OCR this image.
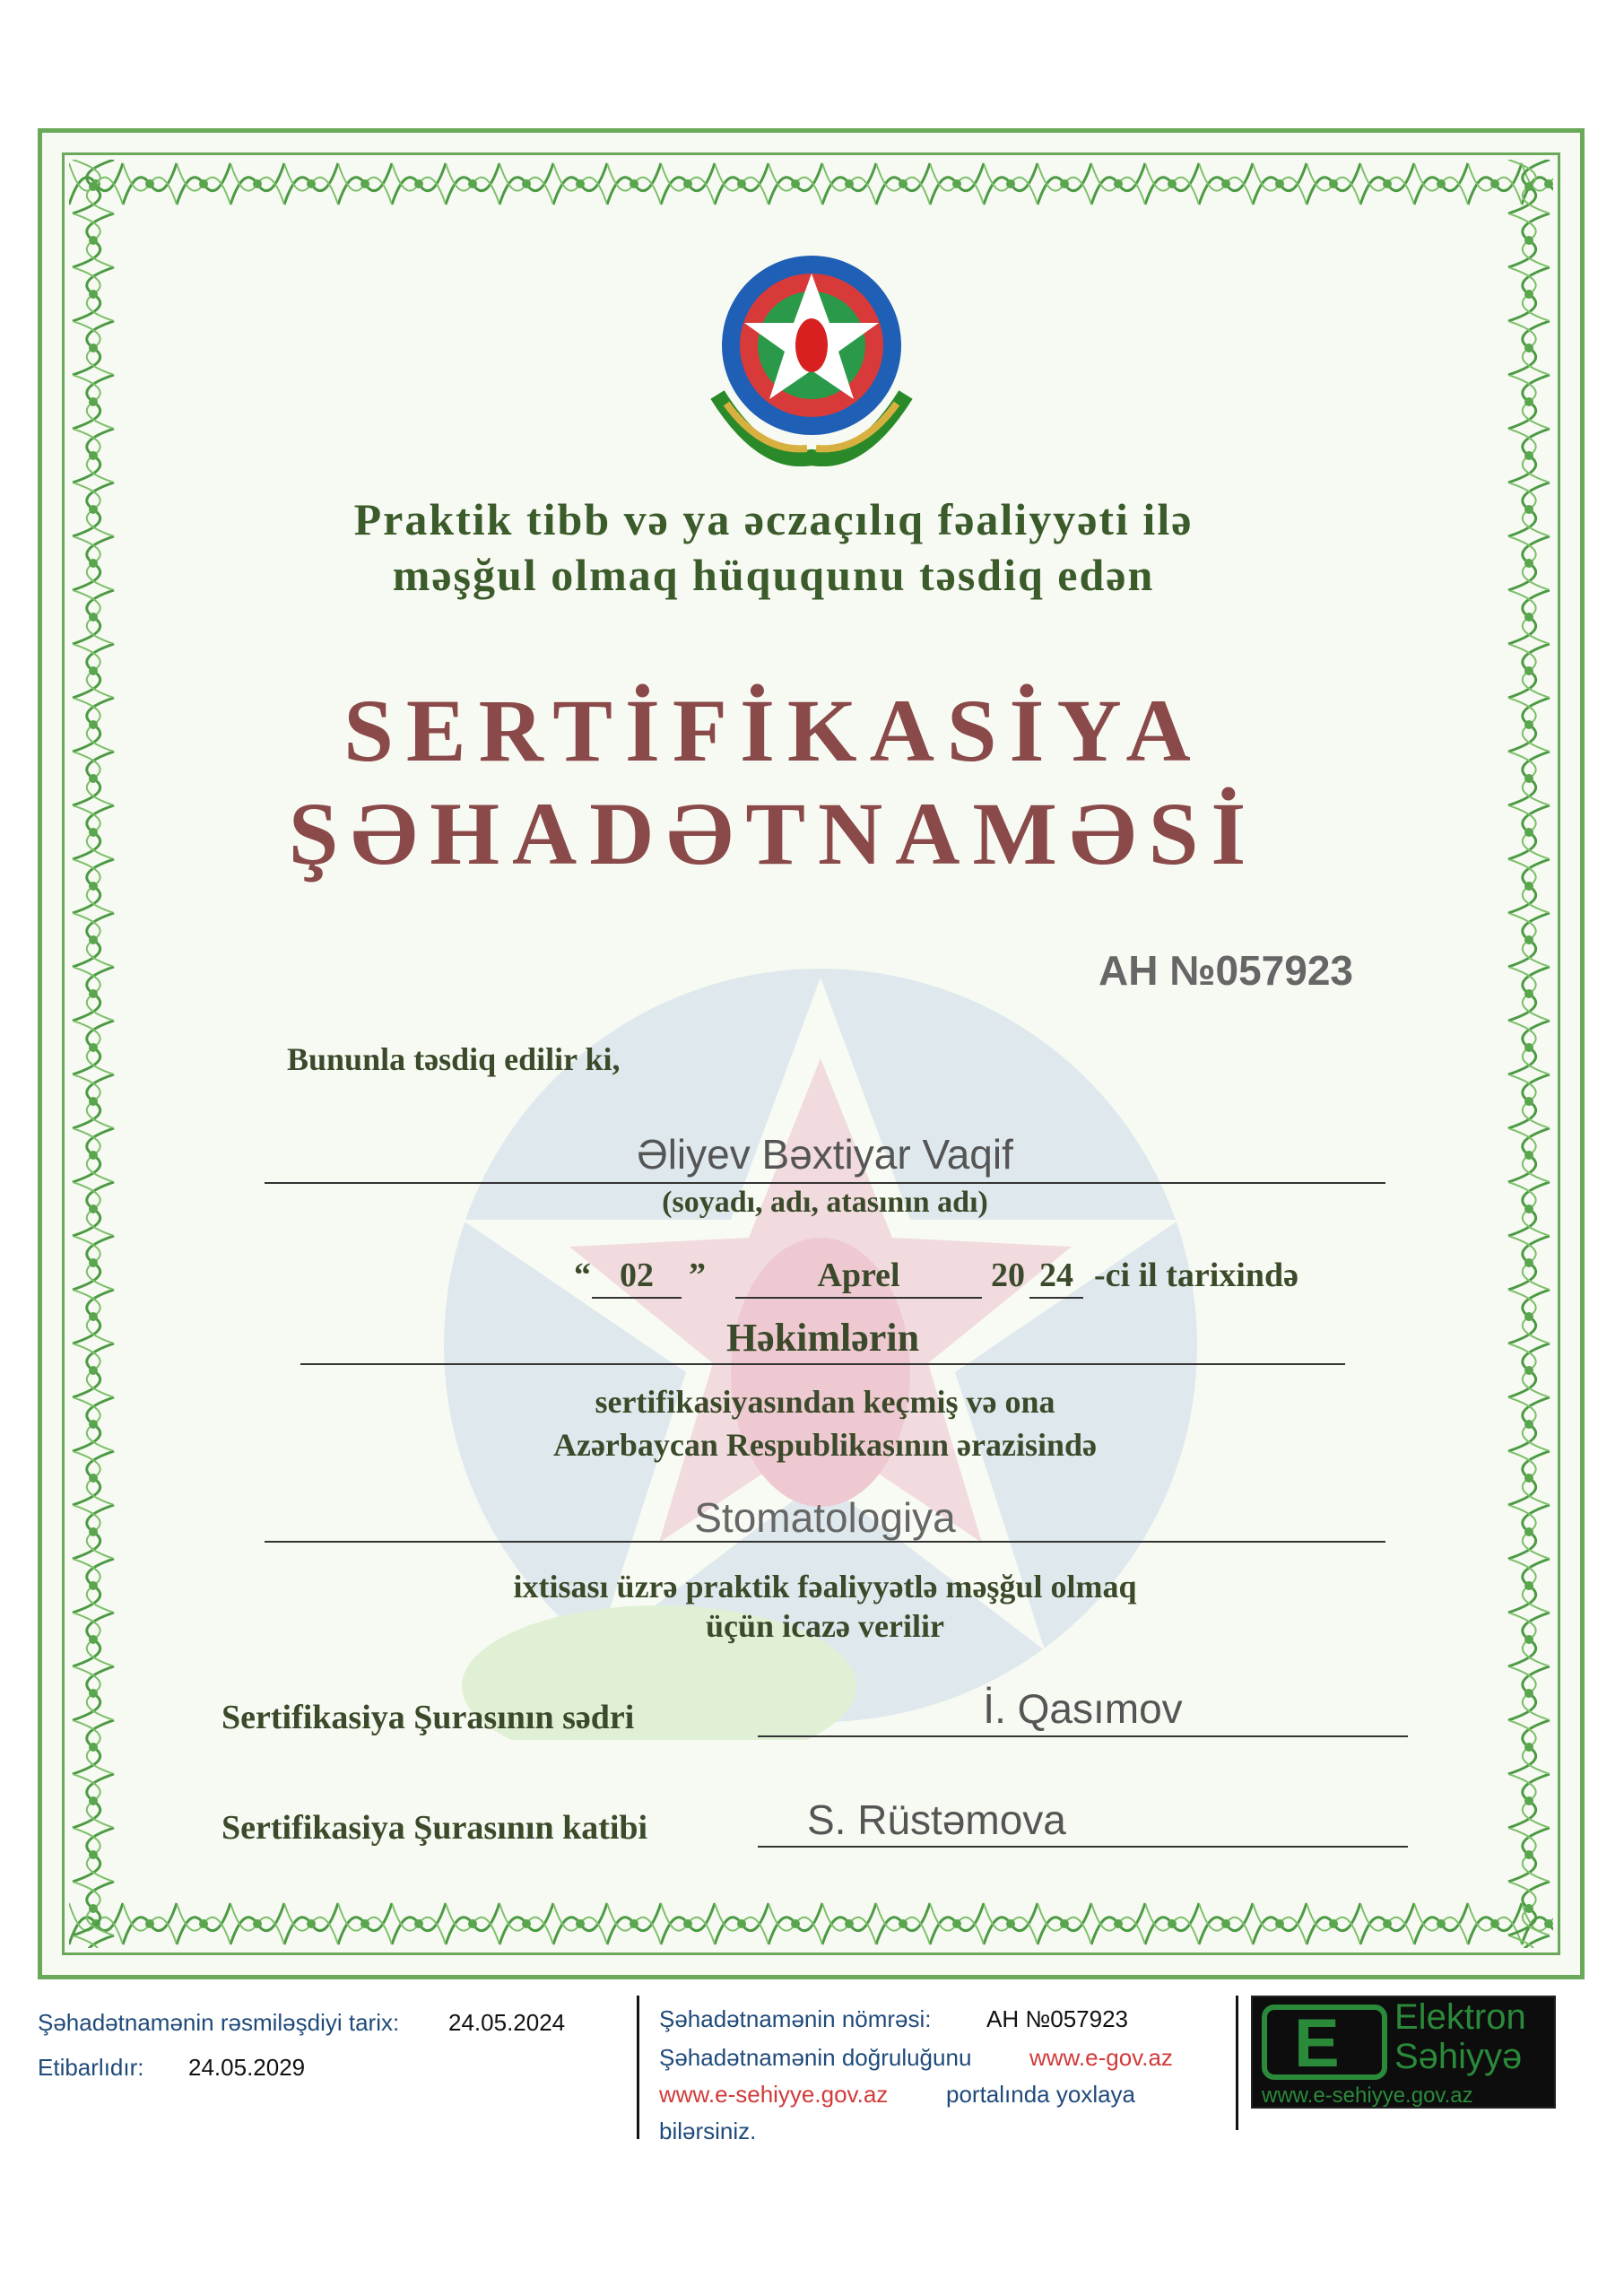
Praktik tibb və ya əczaçılıq fəaliyyəti ilə
məşğul olmaq hüququnu təsdiq edən
SERTİFİKASİYA
ŞƏHADƏTNAMƏSİ
AH №057923
Bununla təsdiq edilir ki,
Əliyev Bəxtiyar Vaqif
(soyadı, adı, atasının adı)
“ 02	”	Aprel	20 24 -ci il tarixində
Həkimlərin
sertifikasiyasından keçmiş və ona
Azərbaycan Respublikasının ərazisində
Stomatologiya
ixtisası üzrə praktik fəaliyyətlə məşğul olmaq
üçün icazə verilir
Sertifikasiya Şurasının sədri	İ. Qasımov
Sertifikasiya Şurasının katibi	S. Rüstəmova
Şəhadətnamənin rəsmiləşdiyi tarix: 24.05.2024
Etibarlıdır: 24.05.2029
Şəhadətnamənin nömrəsi: AH №057923
Şəhadətnamənin doğruluğunu www.e-gov.az
www.e-sehiyye.gov.az portalında yoxlaya
bilərsiniz.
E Elektron
Səhiyyə
www.e-sehiyye.gov.az
